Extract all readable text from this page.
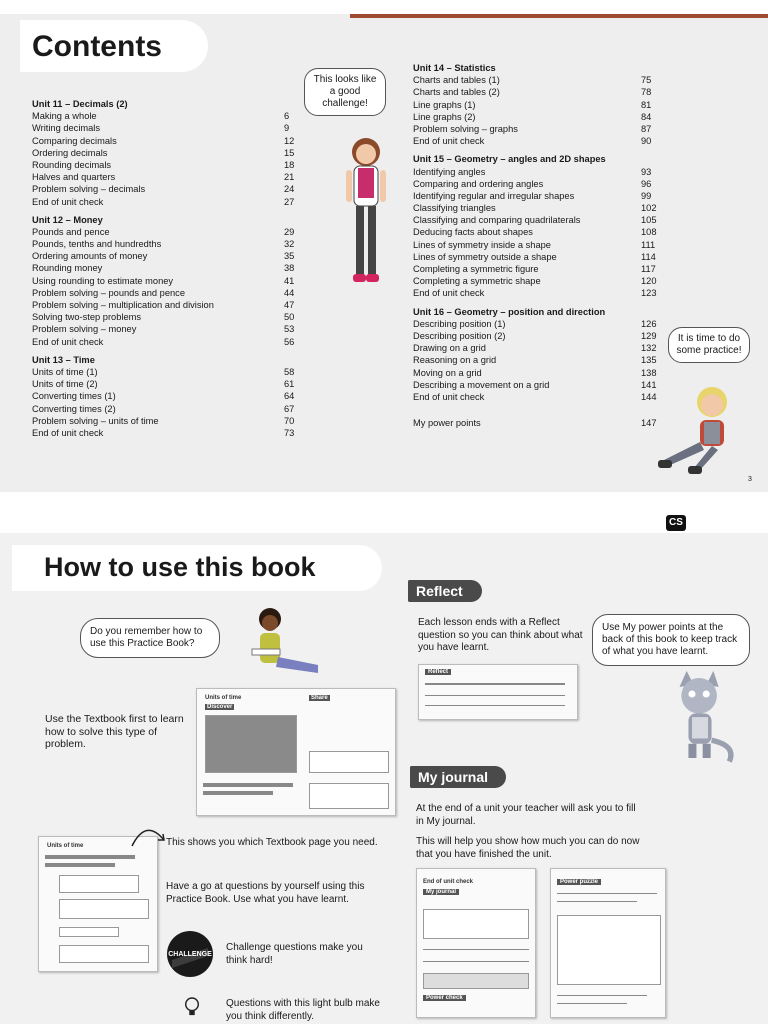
Contents
Unit 11 – Decimals (2)
Making a whole	6
Writing decimals	9
Comparing decimals	12
Ordering decimals	15
Rounding decimals	18
Halves and quarters	21
Problem solving – decimals	24
End of unit check	27
Unit 12 – Money
Pounds and pence	29
Pounds, tenths and hundredths	32
Ordering amounts of money	35
Rounding money	38
Using rounding to estimate money	41
Problem solving – pounds and pence	44
Problem solving – multiplication and division	47
Solving two-step problems	50
Problem solving – money	53
End of unit check	56
Unit 13 – Time
Units of time (1)	58
Units of time (2)	61
Converting times (1)	64
Converting times (2)	67
Problem solving – units of time	70
End of unit check	73
Unit 14 – Statistics
Charts and tables (1)	75
Charts and tables (2)	78
Line graphs (1)	81
Line graphs (2)	84
Problem solving – graphs	87
End of unit check	90
Unit 15 – Geometry – angles and 2D shapes
Identifying angles	93
Comparing and ordering angles	96
Identifying regular and irregular shapes	99
Classifying triangles	102
Classifying and comparing quadrilaterals	105
Deducing facts about shapes	108
Lines of symmetry inside a shape	111
Lines of symmetry outside a shape	114
Completing a symmetric figure	117
Completing a symmetric shape	120
End of unit check	123
Unit 16 – Geometry – position and direction
Describing position (1)	126
Describing position (2)	129
Drawing on a grid	132
Reasoning on a grid	135
Moving on a grid	138
Describing a movement on a grid	141
End of unit check	144
My power points	147
This looks like a good challenge!
It is time to do some practice!
3
CS
How to use this book
Do you remember how to use this Practice Book?
Use the Textbook first to learn how to solve this type of problem.
Units of time
Discover
Share
Units of time	This shows you which Textbook page you need.
Have a go at questions by yourself using this Practice Book. Use what you have learnt.
CHALLENGE
Challenge questions make you think hard!
Questions with this light bulb make you think differently.
Reflect
Each lesson ends with a Reflect question so you can think about what you have learnt.
Use My power points at the back of this book to keep track of what you have learnt.
Reflect
My journal
At the end of a unit your teacher will ask you to fill in My journal.
This will help you show how much you can do now that you have finished the unit.
End of unit check
My journal
Power check
Power puzzle
